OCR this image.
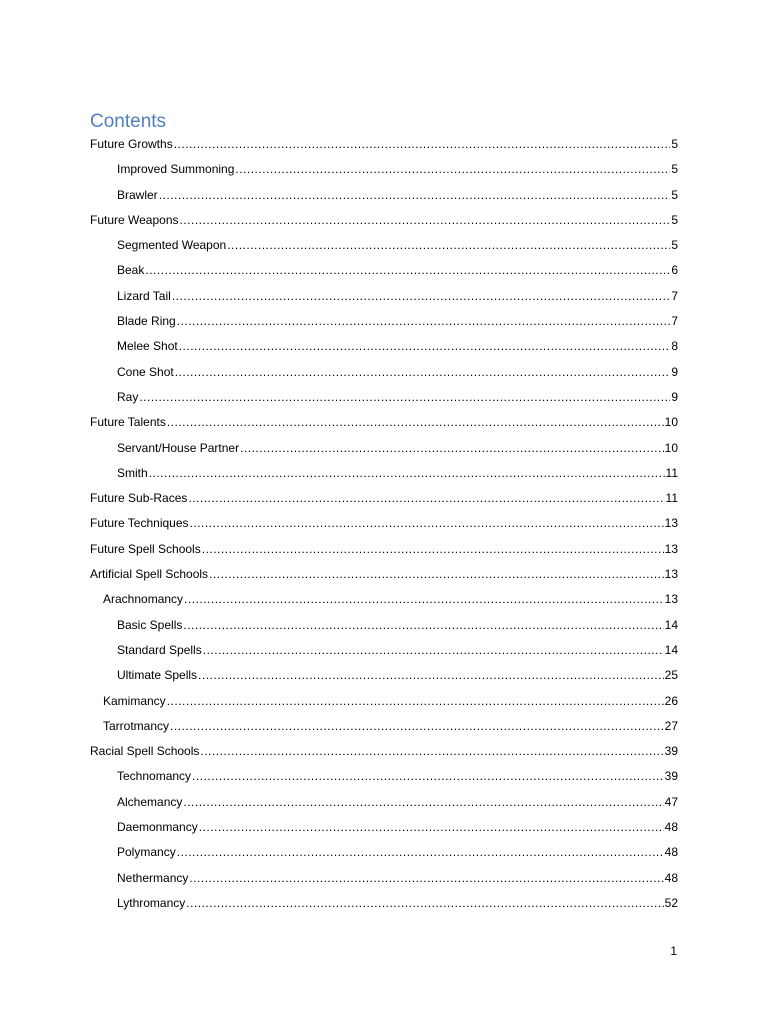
Contents
Future Growths .....	5
Improved Summoning .....	5
Brawler .....	5
Future Weapons .....	5
Segmented Weapon .....	5
Beak .....	6
Lizard Tail .....	7
Blade Ring .....	7
Melee Shot .....	8
Cone Shot .....	9
Ray .....	9
Future Talents .....	10
Servant/House Partner .....	10
Smith .....	11
Future Sub-Races .....	11
Future Techniques .....	13
Future Spell Schools .....	13
Artificial Spell Schools .....	13
Arachnomancy .....	13
Basic Spells .....	14
Standard Spells .....	14
Ultimate Spells .....	25
Kamimancy .....	26
Tarrotmancy .....	27
Racial Spell Schools .....	39
Technomancy .....	39
Alchemancy .....	47
Daemonmancy .....	48
Polymancy .....	48
Nethermancy .....	48
Lythromancy .....	52
1
